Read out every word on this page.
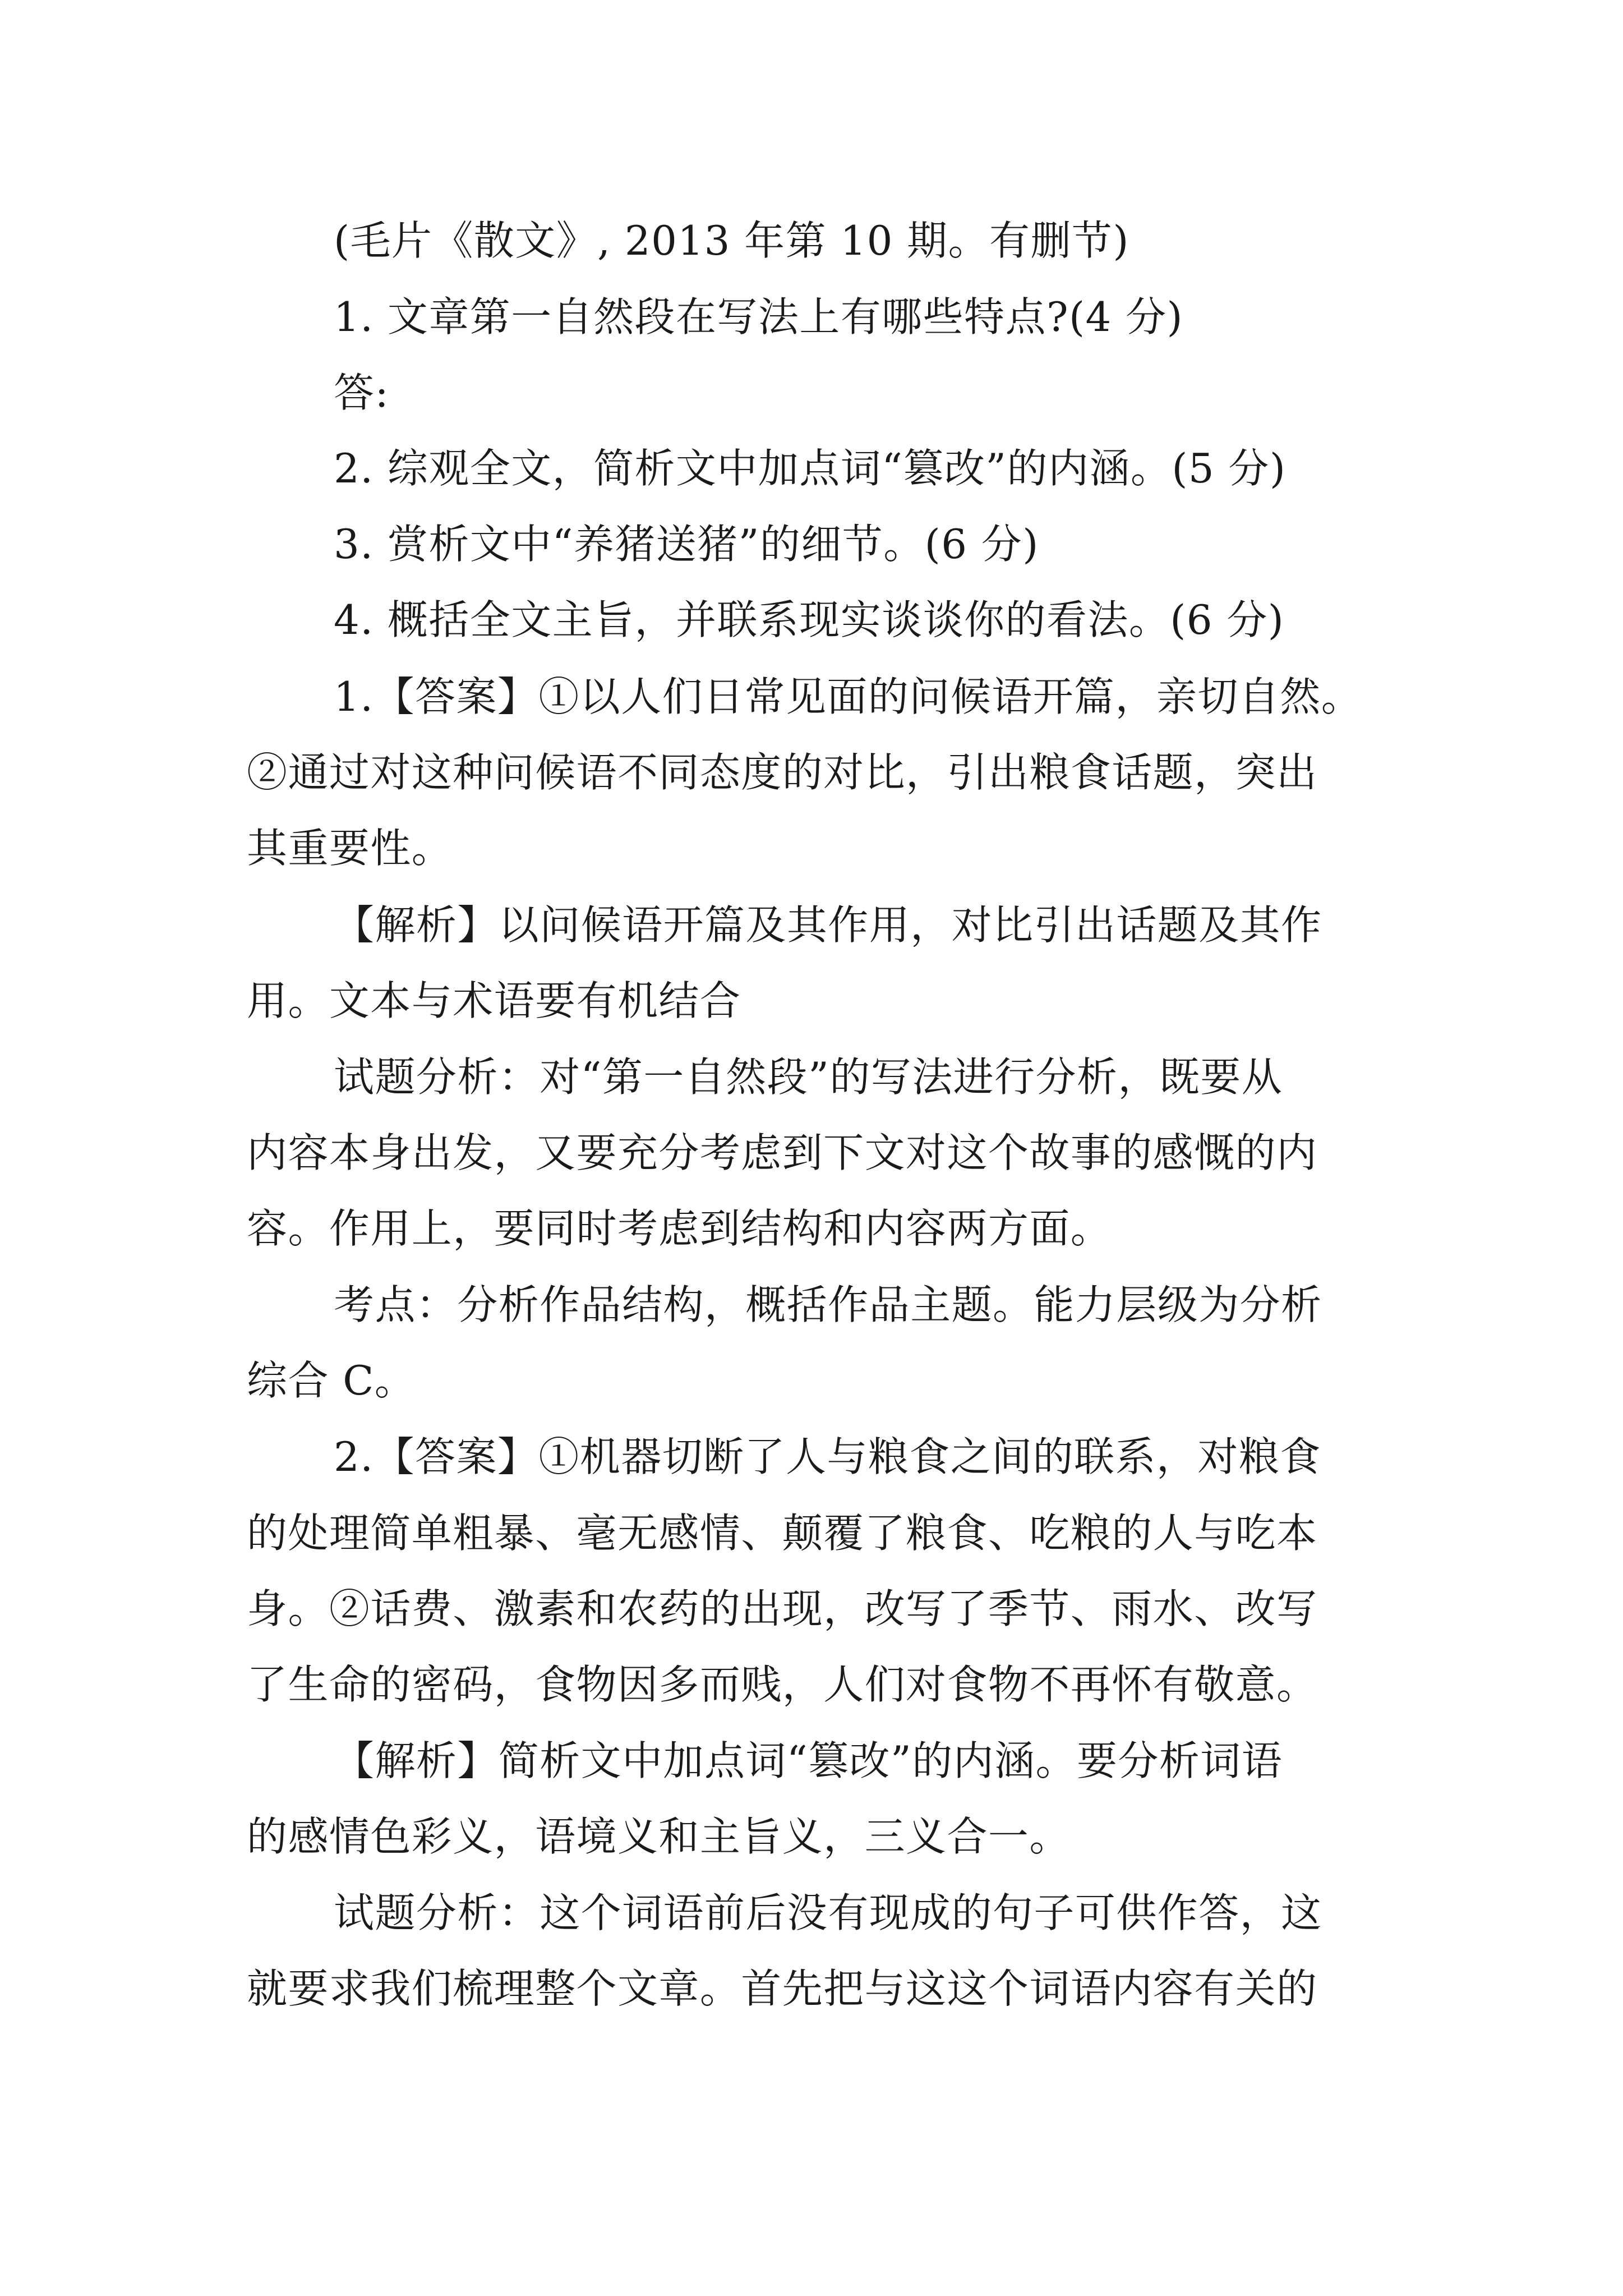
(毛片《散文》, 2013 年第 10 期。有删节)
1. 文章第一自然段在写法上有哪些特点?(4 分)
答:
2. 综观全文，简析文中加点词“篡改”的内涵。(5 分)
3. 赏析文中“养猪送猪”的细节。(6 分)
4. 概括全文主旨，并联系现实谈谈你的看法。(6 分)
1.【答案】①以人们日常见面的问候语开篇，亲切自然。
②通过对这种问候语不同态度的对比，引出粮食话题，突出
其重要性。
【解析】以问候语开篇及其作用，对比引出话题及其作
用。文本与术语要有机结合
试题分析：对“第一自然段”的写法进行分析，既要从
内容本身出发，又要充分考虑到下文对这个故事的感慨的内
容。作用上，要同时考虑到结构和内容两方面。
考点：分析作品结构，概括作品主题。能力层级为分析
综合 C。
2.【答案】①机器切断了人与粮食之间的联系，对粮食
的处理简单粗暴、毫无感情、颠覆了粮食、吃粮的人与吃本
身。②话费、激素和农药的出现，改写了季节、雨水、改写
了生命的密码，食物因多而贱，人们对食物不再怀有敬意。
【解析】简析文中加点词“篡改”的内涵。要分析词语
的感情色彩义，语境义和主旨义，三义合一。
试题分析：这个词语前后没有现成的句子可供作答，这
就要求我们梳理整个文章。首先把与这这个词语内容有关的
